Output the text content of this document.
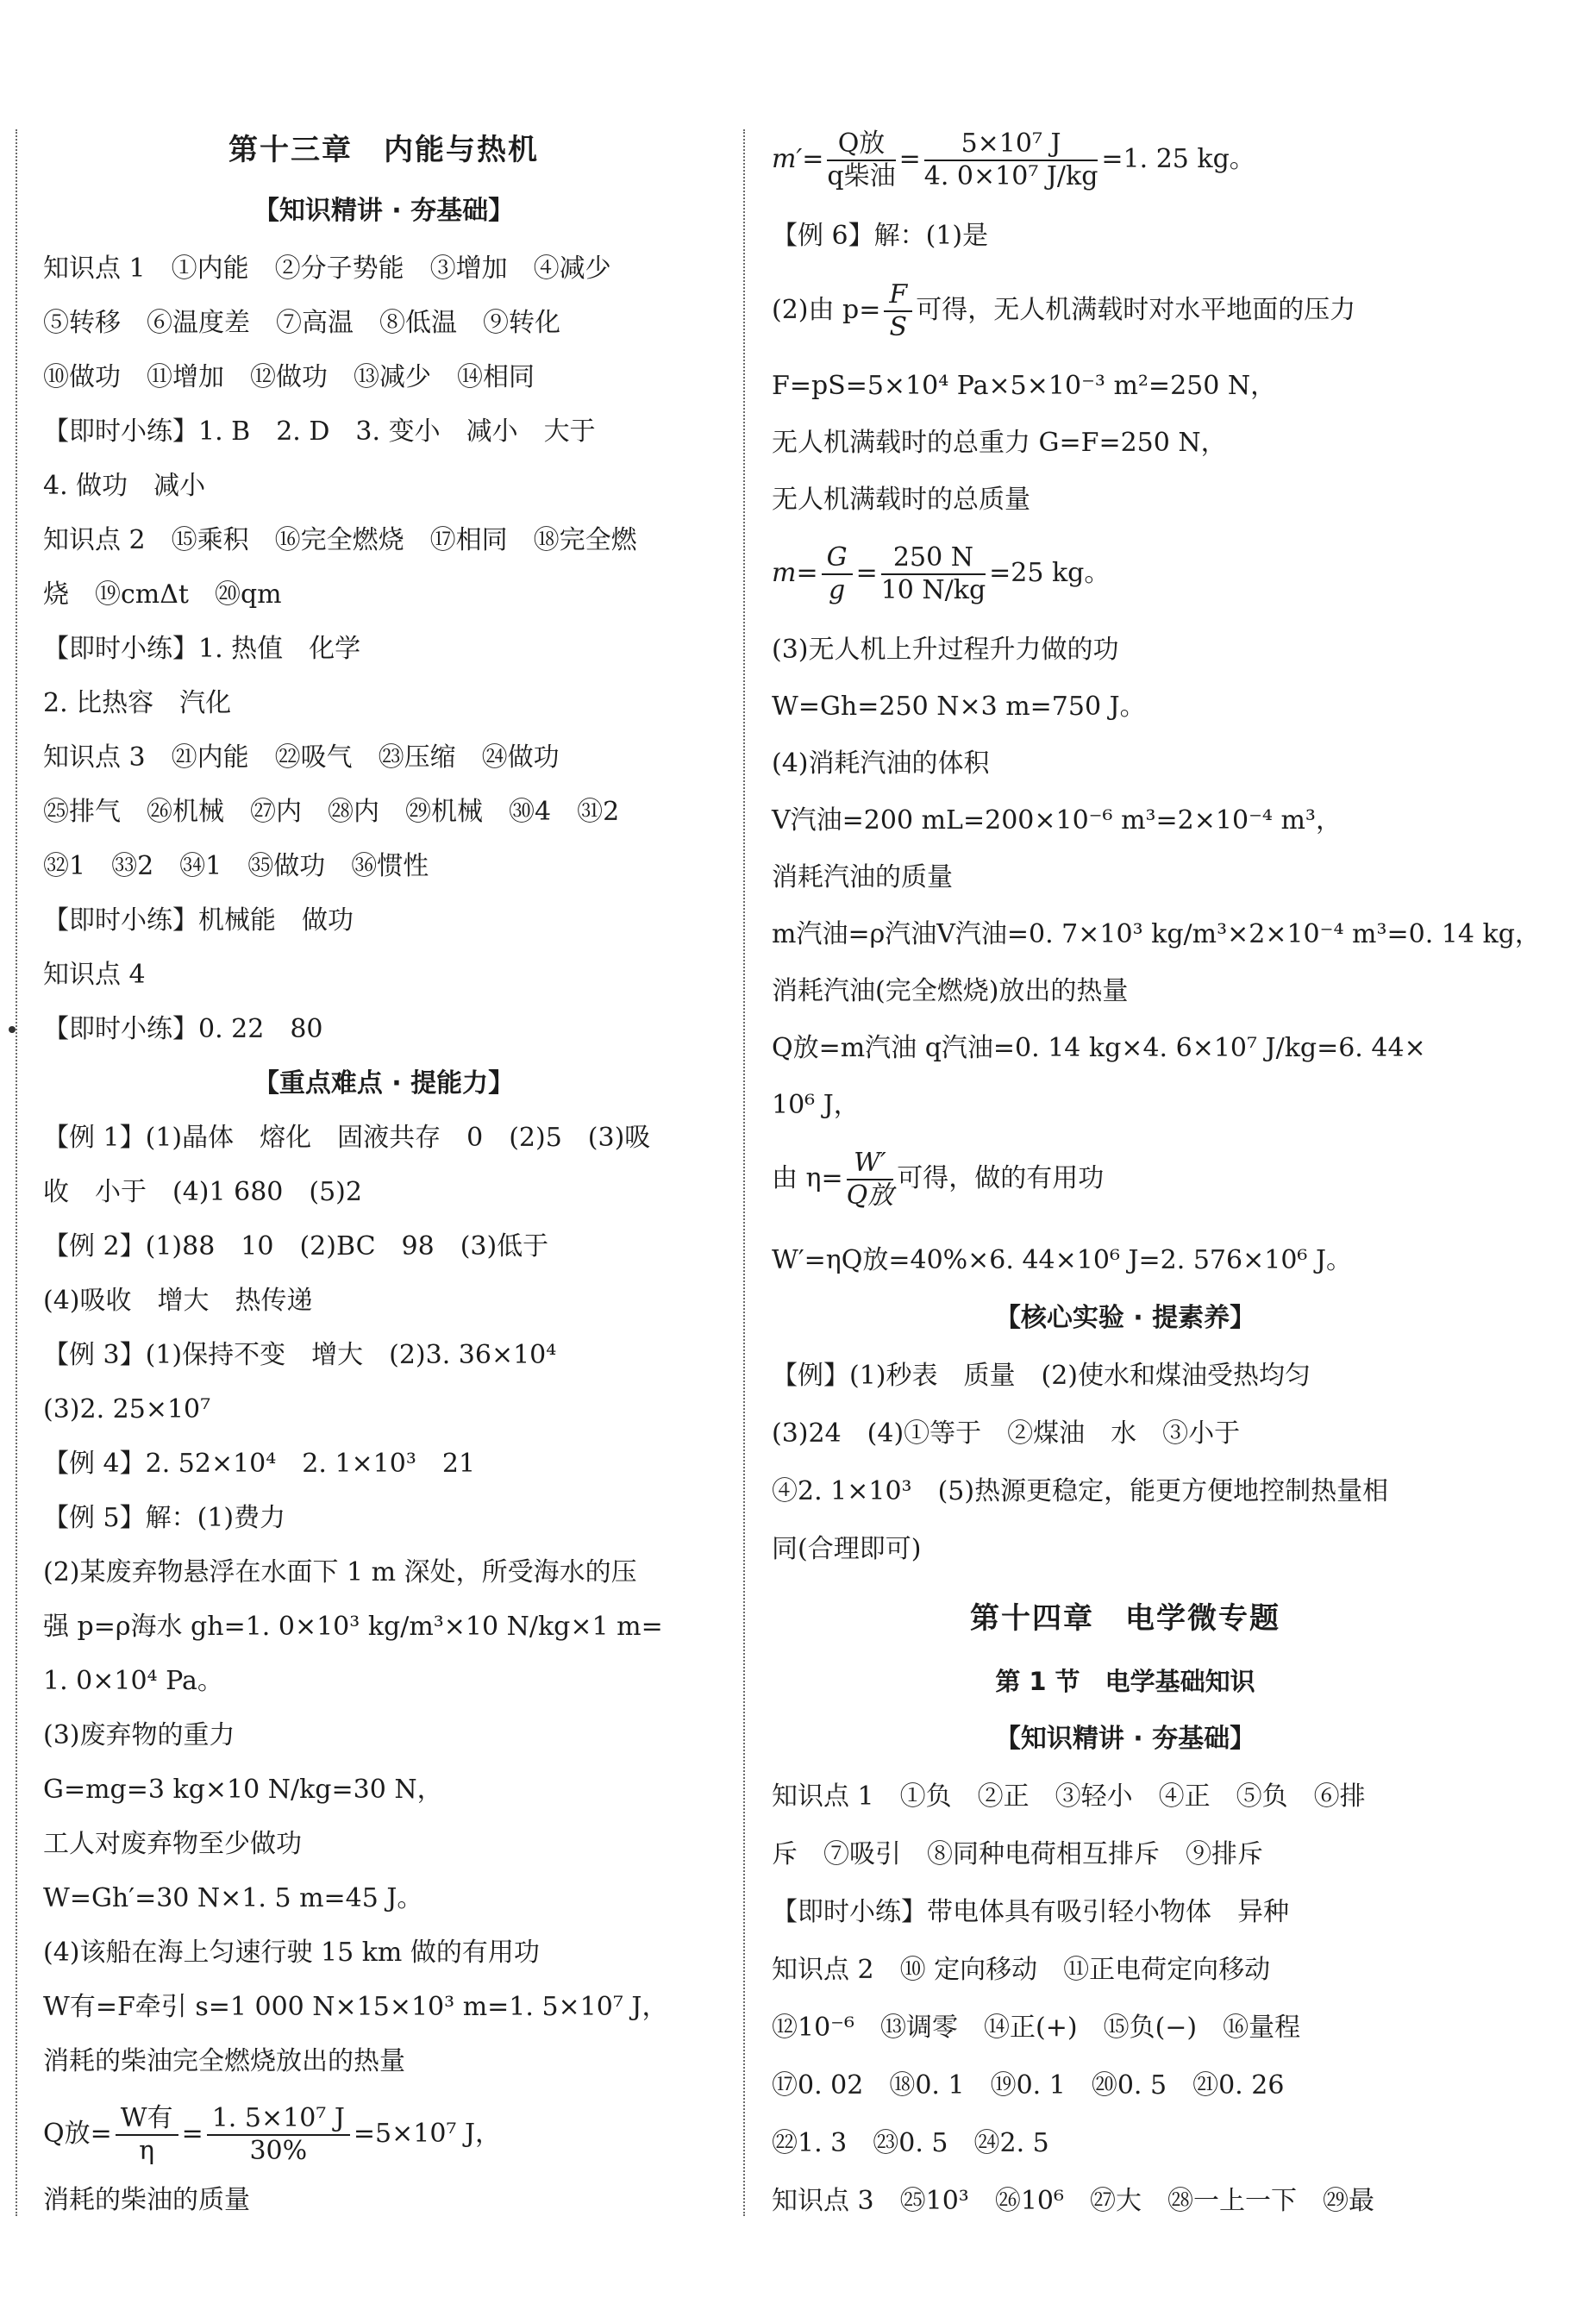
第十三章　内能与热机
【知识精讲 · 夯基础】
知识点 1　①内能　②分子势能　③增加　④减少
⑤转移　⑥温度差　⑦高温　⑧低温　⑨转化
⑩做功　⑪增加　⑫做功　⑬减少　⑭相同
【即时小练】1. B　2. D　3. 变小　减小　大于
4. 做功　减小
知识点 2　⑮乘积　⑯完全燃烧　⑰相同　⑱完全燃
烧　⑲cmΔt　⑳qm
【即时小练】1. 热值　化学
2. 比热容　汽化
知识点 3　㉑内能　㉒吸气　㉓压缩　㉔做功
㉕排气　㉖机械　㉗内　㉘内　㉙机械　㉚4　㉛2
㉜1　㉝2　㉞1　㉟做功　㊱惯性
【即时小练】机械能　做功
知识点 4
【即时小练】0. 22　80
【重点难点 · 提能力】
【例 1】(1)晶体　熔化　固液共存　0　(2)5　(3)吸
收　小于　(4)1 680　(5)2
【例 2】(1)88　10　(2)BC　98　(3)低于
(4)吸收　增大　热传递
【例 3】(1)保持不变　增大　(2)3. 36×10⁴
(3)2. 25×10⁷
【例 4】2. 52×10⁴　2. 1×10³　21
【例 5】解：(1)费力
(2)某废弃物悬浮在水面下 1 m 深处，所受海水的压
强 p=ρ海水 gh=1. 0×10³ kg/m³×10 N/kg×1 m=
1. 0×10⁴ Pa。
(3)废弃物的重力
G=mg=3 kg×10 N/kg=30 N，
工人对废弃物至少做功
W=Gh′=30 N×1. 5 m=45 J。
(4)该船在海上匀速行驶 15 km 做的有用功
W有=F牵引 s=1 000 N×15×10³ m=1. 5×10⁷ J，
消耗的柴油完全燃烧放出的热量
Q放= $\frac{\text{W有}}{\eta} = \frac{\text{1. 5×10⁷ J}}{30\%} =5\times 10^7$ J，
消耗的柴油的质量
$m'= \frac{\text{Q放}}{\text{q柴油}} = \frac{\text{5×10⁷ J}}{\text{4. 0×10⁷ J/kg}} =1$. 25 kg。
【例 6】解：(1)是
(2)由 $p= \frac{F}{S}$ 可得，无人机满载时对水平地面的压力
F=pS=5×10⁴ Pa×5×10⁻³ m²=250 N，
无人机满载时的总重力 G=F=250 N，
无人机满载时的总质量
$m= \frac{G}{g} = \frac{250 N}{10 N/kg} =25$ kg。
(3)无人机上升过程升力做的功
W=Gh=250 N×3 m=750 J。
(4)消耗汽油的体积
V汽油=200 mL=200×10⁻⁶ m³=2×10⁻⁴ m³，
消耗汽油的质量
m汽油=ρ汽油V汽油=0. 7×10³ kg/m³×2×10⁻⁴ m³=0. 14 kg，
消耗汽油(完全燃烧)放出的热量
Q放=m汽油 q汽油=0. 14 kg×4. 6×10⁷ J/kg=6. 44×
10⁶ J，
由 $\eta= \frac{W'}{\text{Q放}}$ 可得，做的有用功
W′=ηQ放=40%×6. 44×10⁶ J=2. 576×10⁶ J。
【核心实验 · 提素养】
【例】(1)秒表　质量　(2)使水和煤油受热均匀
(3)24　(4)①等于　②煤油　水　③小于
④2. 1×10³　(5)热源更稳定，能更方便地控制热量相
同(合理即可)
第十四章　电学微专题
第 1 节　电学基础知识
【知识精讲 · 夯基础】
知识点 1　①负　②正　③轻小　④正　⑤负　⑥排
斥　⑦吸引　⑧同种电荷相互排斥　⑨排斥
【即时小练】带电体具有吸引轻小物体　异种
知识点 2　⑩ 定向移动　⑪正电荷定向移动
⑫10⁻⁶　⑬调零　⑭正(+)　⑮负(−)　⑯量程
⑰0. 02　⑱0. 1　⑲0. 1　⑳0. 5　㉑0. 26
㉒1. 3　㉓0. 5　㉔2. 5
知识点 3　㉕10³　㉖10⁶　㉗大　㉘一上一下　㉙最
